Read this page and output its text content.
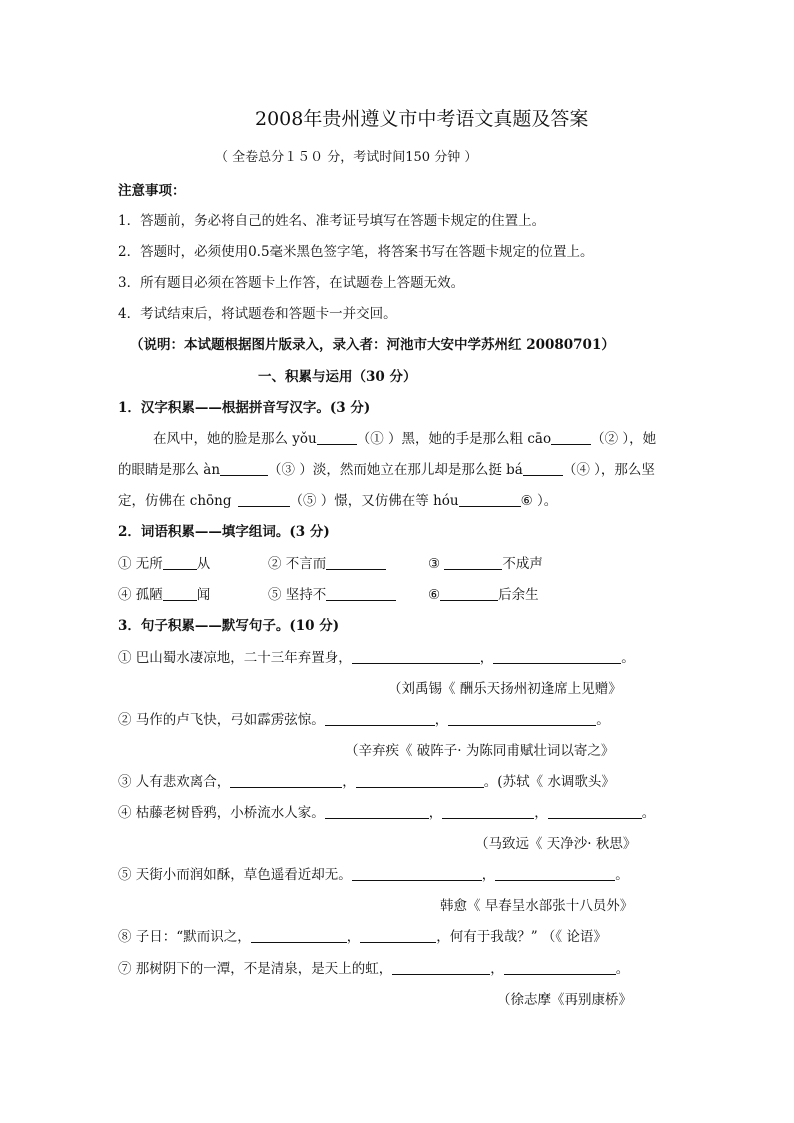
2008年贵州遵义市中考语文真题及答案
（ 全卷总分１５０ 分，考试时间150 分钟 ）
注意事项：
1．答题前，务必将自己的姓名、准考证号填写在答题卡规定的住置上。
2．答题时，必须使用0.5毫米黑色签字笔，将答案书写在答题卡规定的位置上。
3．所有题目必须在答题卡上作答，在试题卷上答题无效。
4．考试结束后，将试题卷和答题卡一并交回。
（说明：本试题根据图片版录入，录入者：河池市大安中学苏州红 20080701）
一、积累与运用（30 分）
1．汉字积累——根据拼音写汉字。(3 分)
在风中，她的脸是那么 yǒu	（① ）黑，她的手是那么粗 cāo	（② ），她
的眼睛是那么 àn	（③ ）淡，然而她立在那儿却是那么挺 bá	（④ ），那么坚
定，仿佛在 chōng	（⑤ ）憬，又仿佛在等 hóu	⑥ ）。
2．词语积累——填字组词。(3 分)
① 无所	从	② 不言而	③	不成声
④ 孤陋	闻	⑤ 坚持不	⑥	后余生
3．句子积累——默写句子。(10 分)
① 巴山蜀水凄凉地，二十三年弃置身，	，	。
（刘禹锡《 酬乐天扬州初逢席上见赠》
② 马作的卢飞快，弓如霹雳弦惊。	，	。
（辛弃疾《 破阵子· 为陈同甫赋壮词以寄之》
③ 人有悲欢离合，	，	。(苏轼《 水调歌头》
④ 枯藤老树昏鸦，小桥流水人家。	，	，	。
（马致远《 天净沙· 秋思》
⑤ 天街小而润如酥，草色遥看近却无。	，	。
韩愈《 早春呈水部张十八员外》
⑧ 子日：“默而识之，	，	，何有于我哉？” （《 论语》
⑦ 那树阴下的一潭，不是清泉，是天上的虹，	，	。
（徐志摩《再别康桥》
